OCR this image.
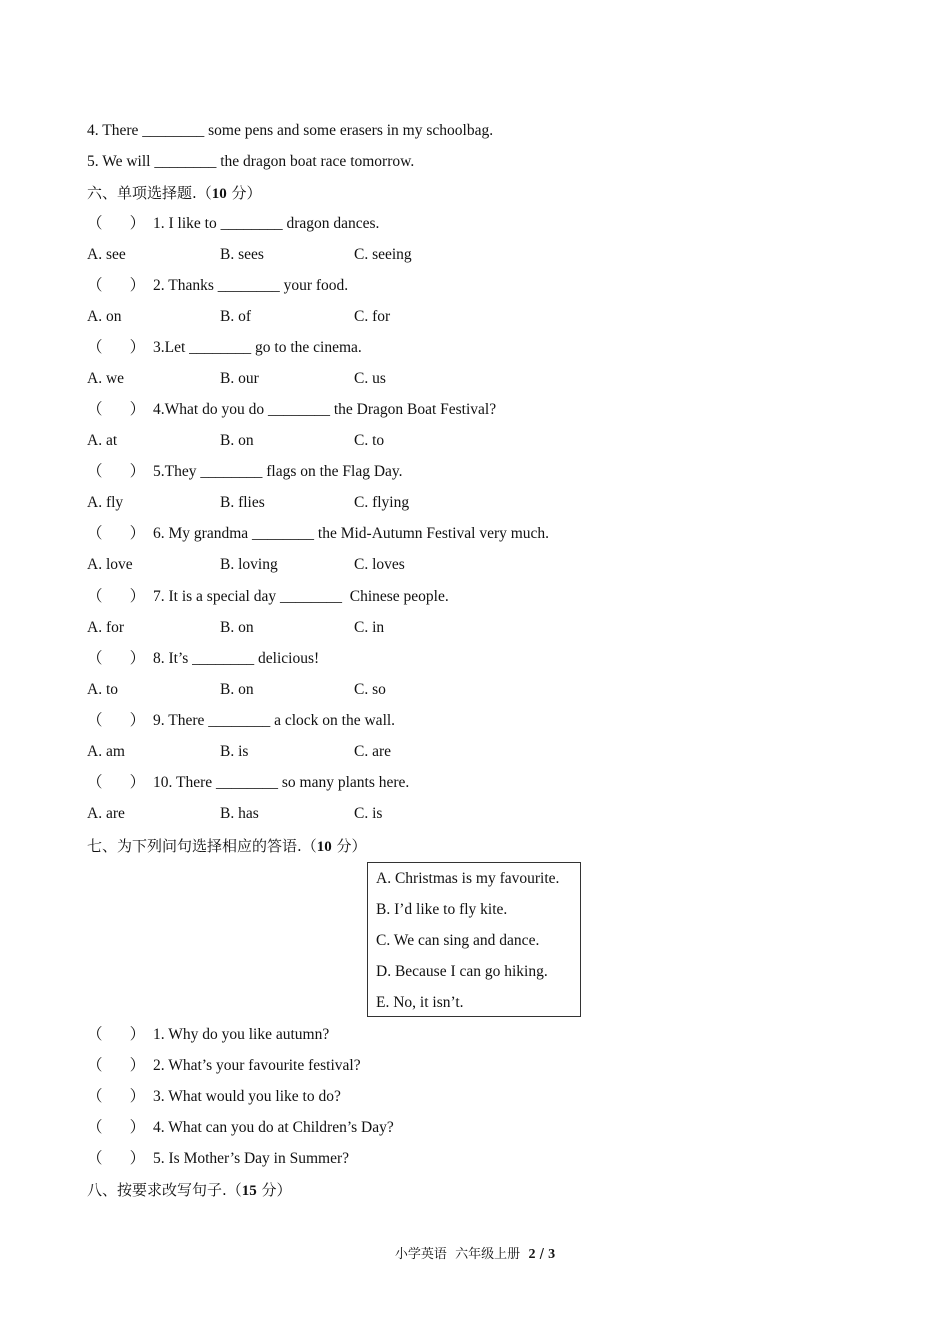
4. There ________ some pens and some erasers in my schoolbag.
5. We will ________ the dragon boat race tomorrow.
六、单项选择题.（10 分）
（       ） 1. I like to ________ dragon dances.
A. see	B. sees	C. seeing
（       ） 2. Thanks ________ your food.
A. on	B. of	C. for
（       ） 3.Let ________ go to the cinema.
A. we	B. our	C. us
（       ） 4.What do you do ________ the Dragon Boat Festival?
A. at	B. on	C. to
（       ） 5.They ________ flags on the Flag Day.
A. fly	B. flies	C. flying
（       ） 6. My grandma ________ the Mid-Autumn Festival very much.
A. love	B. loving	C. loves
（       ） 7. It is a special day ________  Chinese people.
A. for	B. on	C. in
（       ） 8. It’s ________ delicious!
A. to	B. on	C. so
（       ） 9. There ________ a clock on the wall.
A. am	B. is	C. are
（       ） 10. There ________ so many plants here.
A. are	B. has	C. is
七、为下列问句选择相应的答语.（10 分）
A. Christmas is my favourite.
B. I’d like to fly kite.
C. We can sing and dance.
D. Because I can go hiking.
E. No, it isn’t.
（       ） 1. Why do you like autumn?
（       ） 2. What’s your favourite festival?
（       ） 3. What would you like to do?
（       ） 4. What can you do at Children’s Day?
（       ） 5. Is Mother’s Day in Summer?
八、按要求改写句子.（15 分）
小学英语  六年级上册  2 / 3
